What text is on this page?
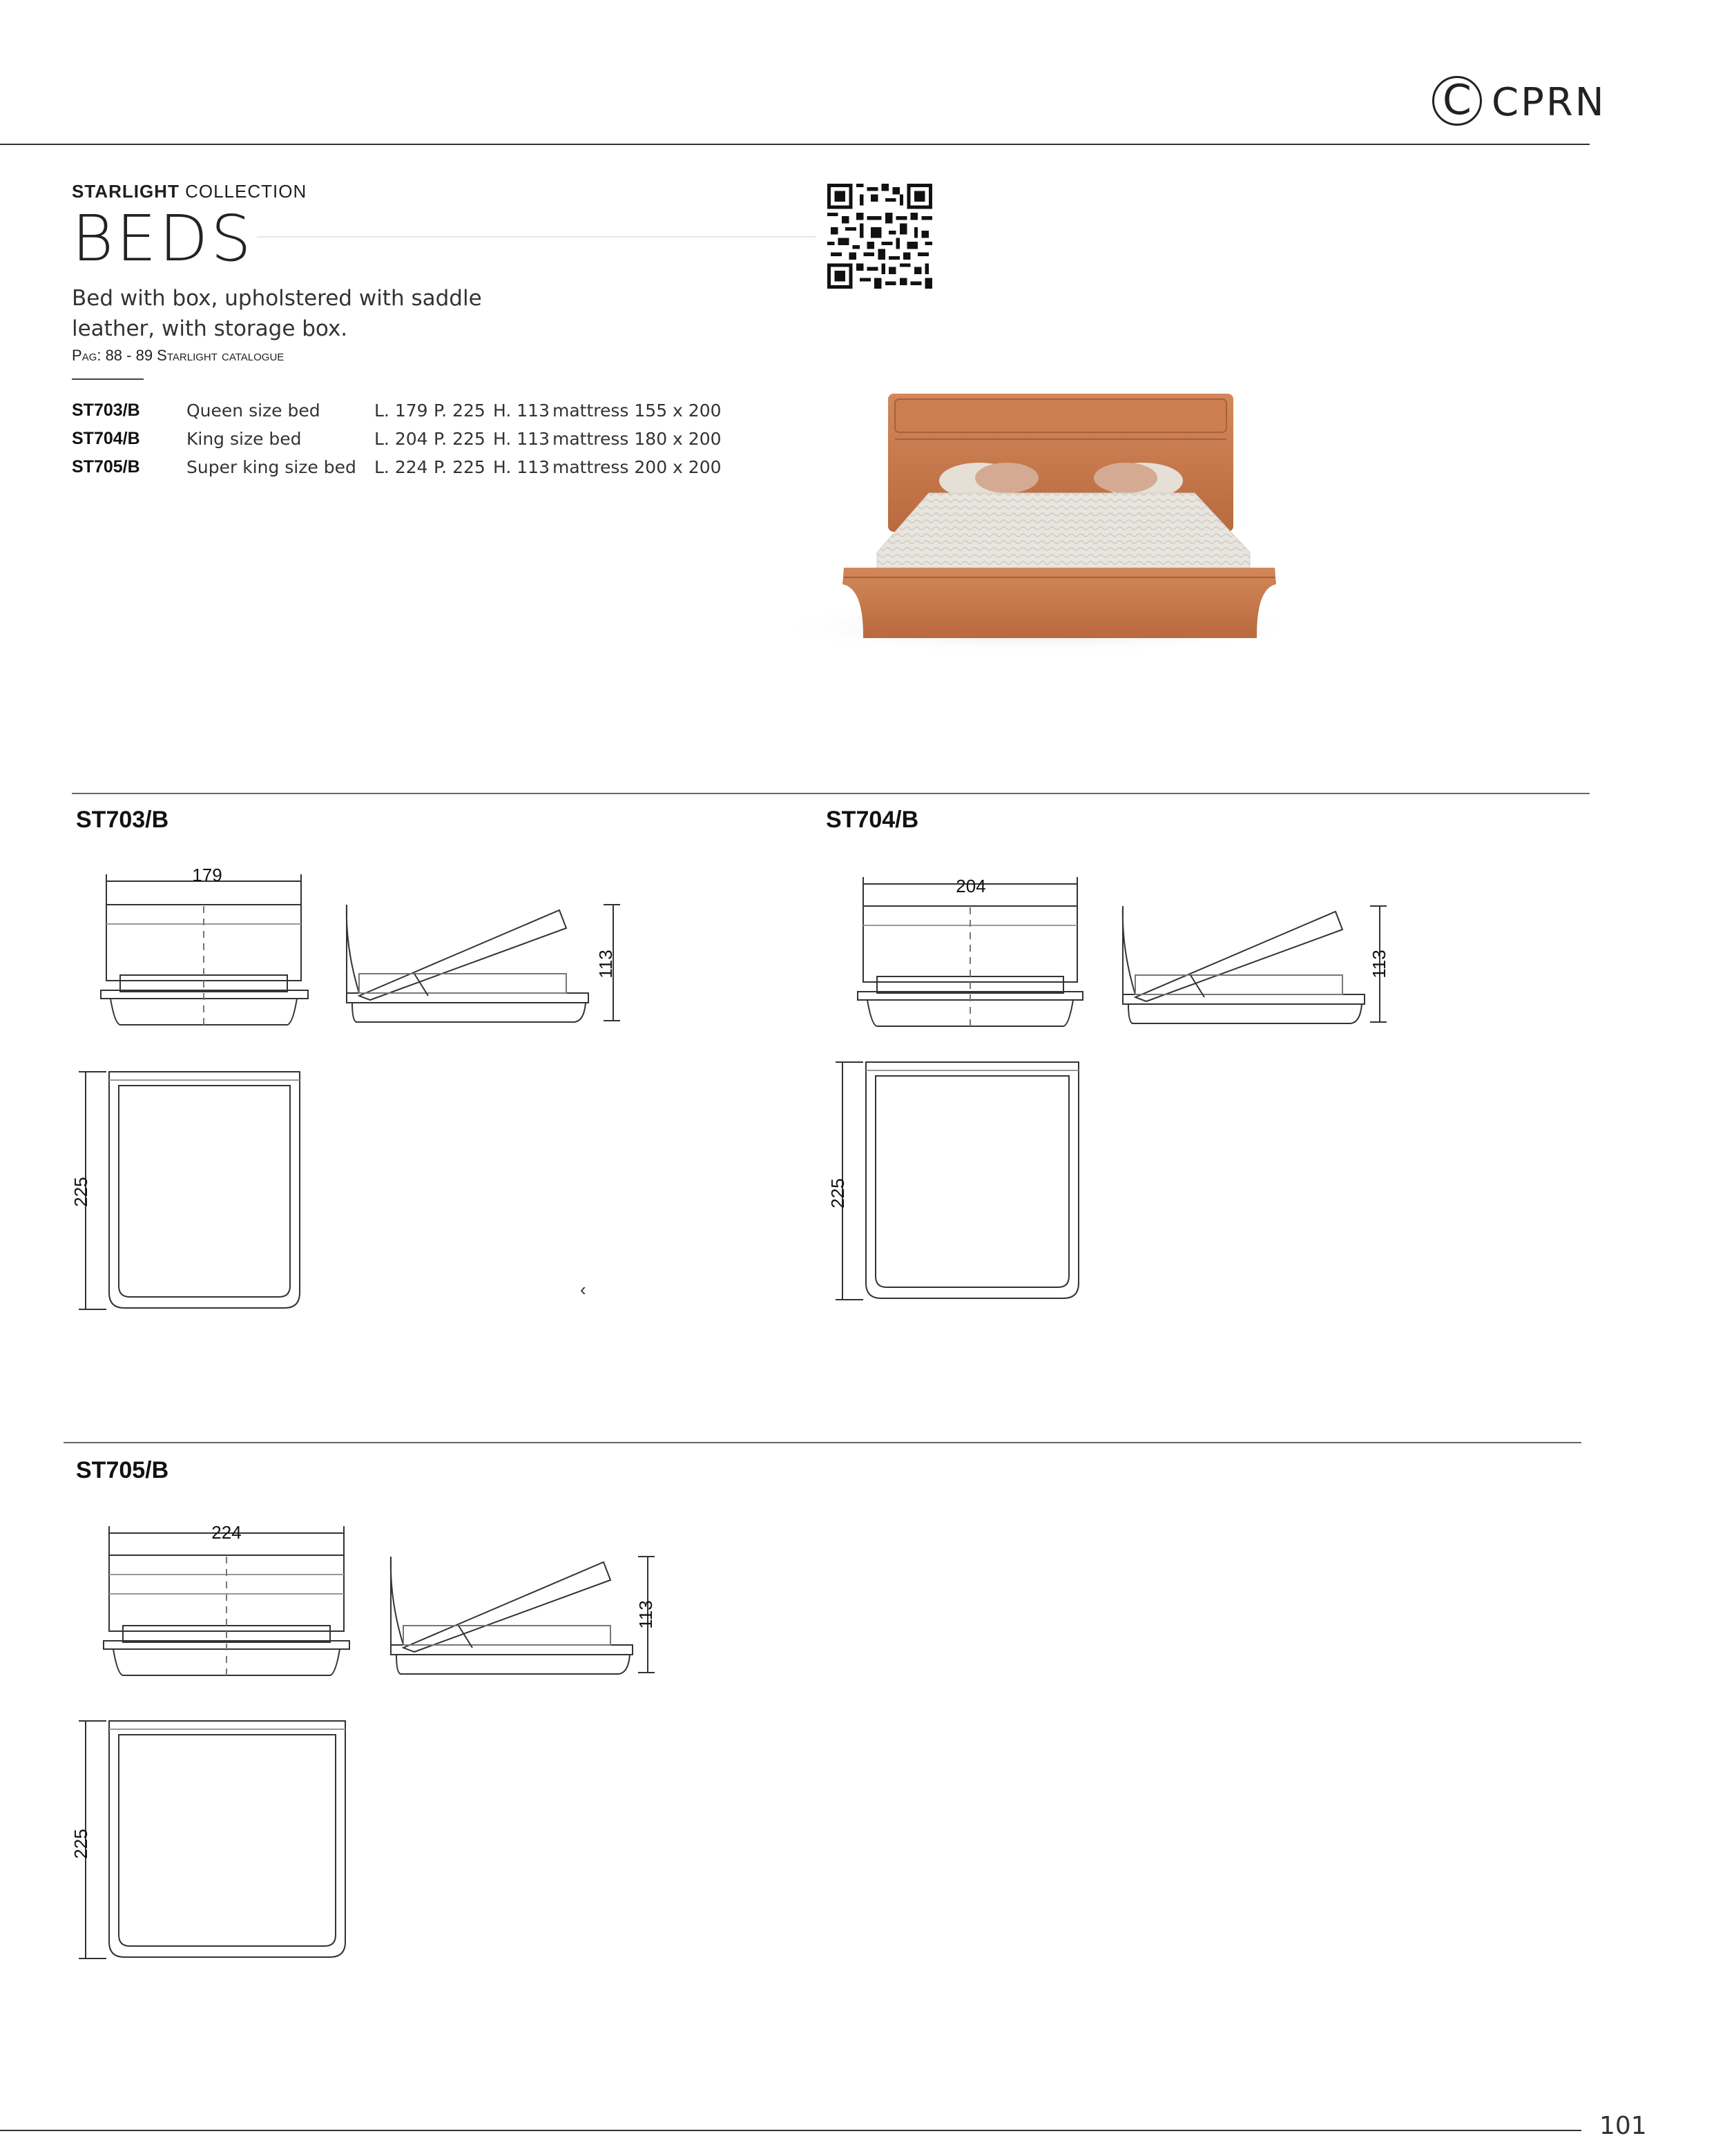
C CPRN
STARLIGHT COLLECTION
BEDS
Bed with box, upholstered with saddle leather, with storage box.
Pag: 88 - 89 Starlight catalogue
ST703/B	Queen size bed	L. 179	P. 225	H. 113	mattress 155 x 200
ST704/B	King size bed	L. 204	P. 225	H. 113	mattress 180 x 200
ST705/B	Super king size bed	L. 224	P. 225	H. 113	mattress 200 x 200
ST703/B	ST704/B
ST705/B
179
113
225
‹
204
113
225
224
113
225
101
